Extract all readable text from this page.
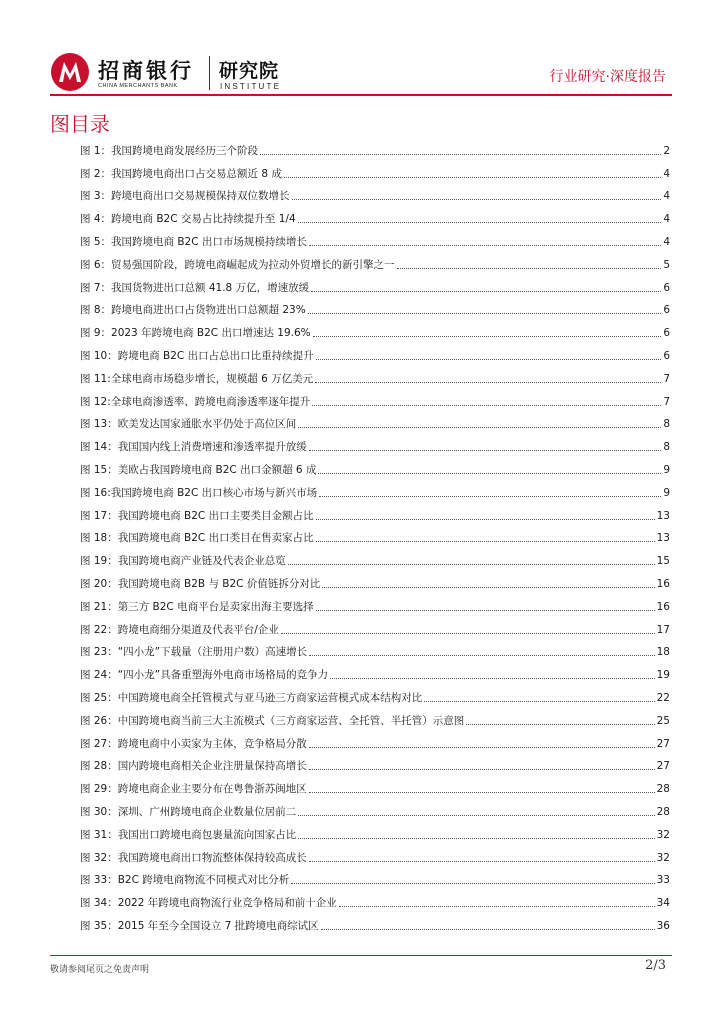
招商银行
CHINA MERCHANTS BANK
研究院
INSTITUTE
行业研究·深度报告
图目录
图 1：我国跨境电商发展经历三个阶段	2
图 2：我国跨境电商出口占交易总额近 8 成	4
图 3：跨境电商出口交易规模保持双位数增长	4
图 4：跨境电商 B2C 交易占比持续提升至 1/4	4
图 5：我国跨境电商 B2C 出口市场规模持续增长	4
图 6：贸易强国阶段，跨境电商崛起成为拉动外贸增长的新引擎之一	5
图 7：我国货物进出口总额 41.8 万亿，增速放缓	6
图 8：跨境电商进出口占货物进出口总额超 23%	6
图 9：2023 年跨境电商 B2C 出口增速达 19.6%	6
图 10：跨境电商 B2C 出口占总出口比重持续提升	6
图 11:全球电商市场稳步增长，规模超 6 万亿美元	7
图 12:全球电商渗透率、跨境电商渗透率逐年提升	7
图 13：欧美发达国家通胀水平仍处于高位区间	8
图 14：我国国内线上消费增速和渗透率提升放缓	8
图 15：美欧占我国跨境电商 B2C 出口金额超 6 成	9
图 16:我国跨境电商 B2C 出口核心市场与新兴市场	9
图 17：我国跨境电商 B2C 出口主要类目金额占比	13
图 18：我国跨境电商 B2C 出口类目在售卖家占比	13
图 19：我国跨境电商产业链及代表企业总览	15
图 20：我国跨境电商 B2B 与 B2C 价值链拆分对比	16
图 21：第三方 B2C 电商平台是卖家出海主要选择	16
图 22：跨境电商细分渠道及代表平台/企业	17
图 23：“四小龙”下载量（注册用户数）高速增长	18
图 24：“四小龙”具备重塑海外电商市场格局的竞争力	19
图 25：中国跨境电商全托管模式与亚马逊三方商家运营模式成本结构对比	22
图 26：中国跨境电商当前三大主流模式（三方商家运营、全托管、半托管）示意图	25
图 27：跨境电商中小卖家为主体，竞争格局分散	27
图 28：国内跨境电商相关企业注册量保持高增长	27
图 29：跨境电商企业主要分布在粤鲁浙苏闽地区	28
图 30：深圳、广州跨境电商企业数量位居前二	28
图 31：我国出口跨境电商包裹量流向国家占比	32
图 32：我国跨境电商出口物流整体保持较高成长	32
图 33：B2C 跨境电商物流不同模式对比分析	33
图 34：2022 年跨境电商物流行业竞争格局和前十企业	34
图 35：2015 年至今全国设立 7 批跨境电商综试区	36
敬请参阅尾页之免责声明	2/3
